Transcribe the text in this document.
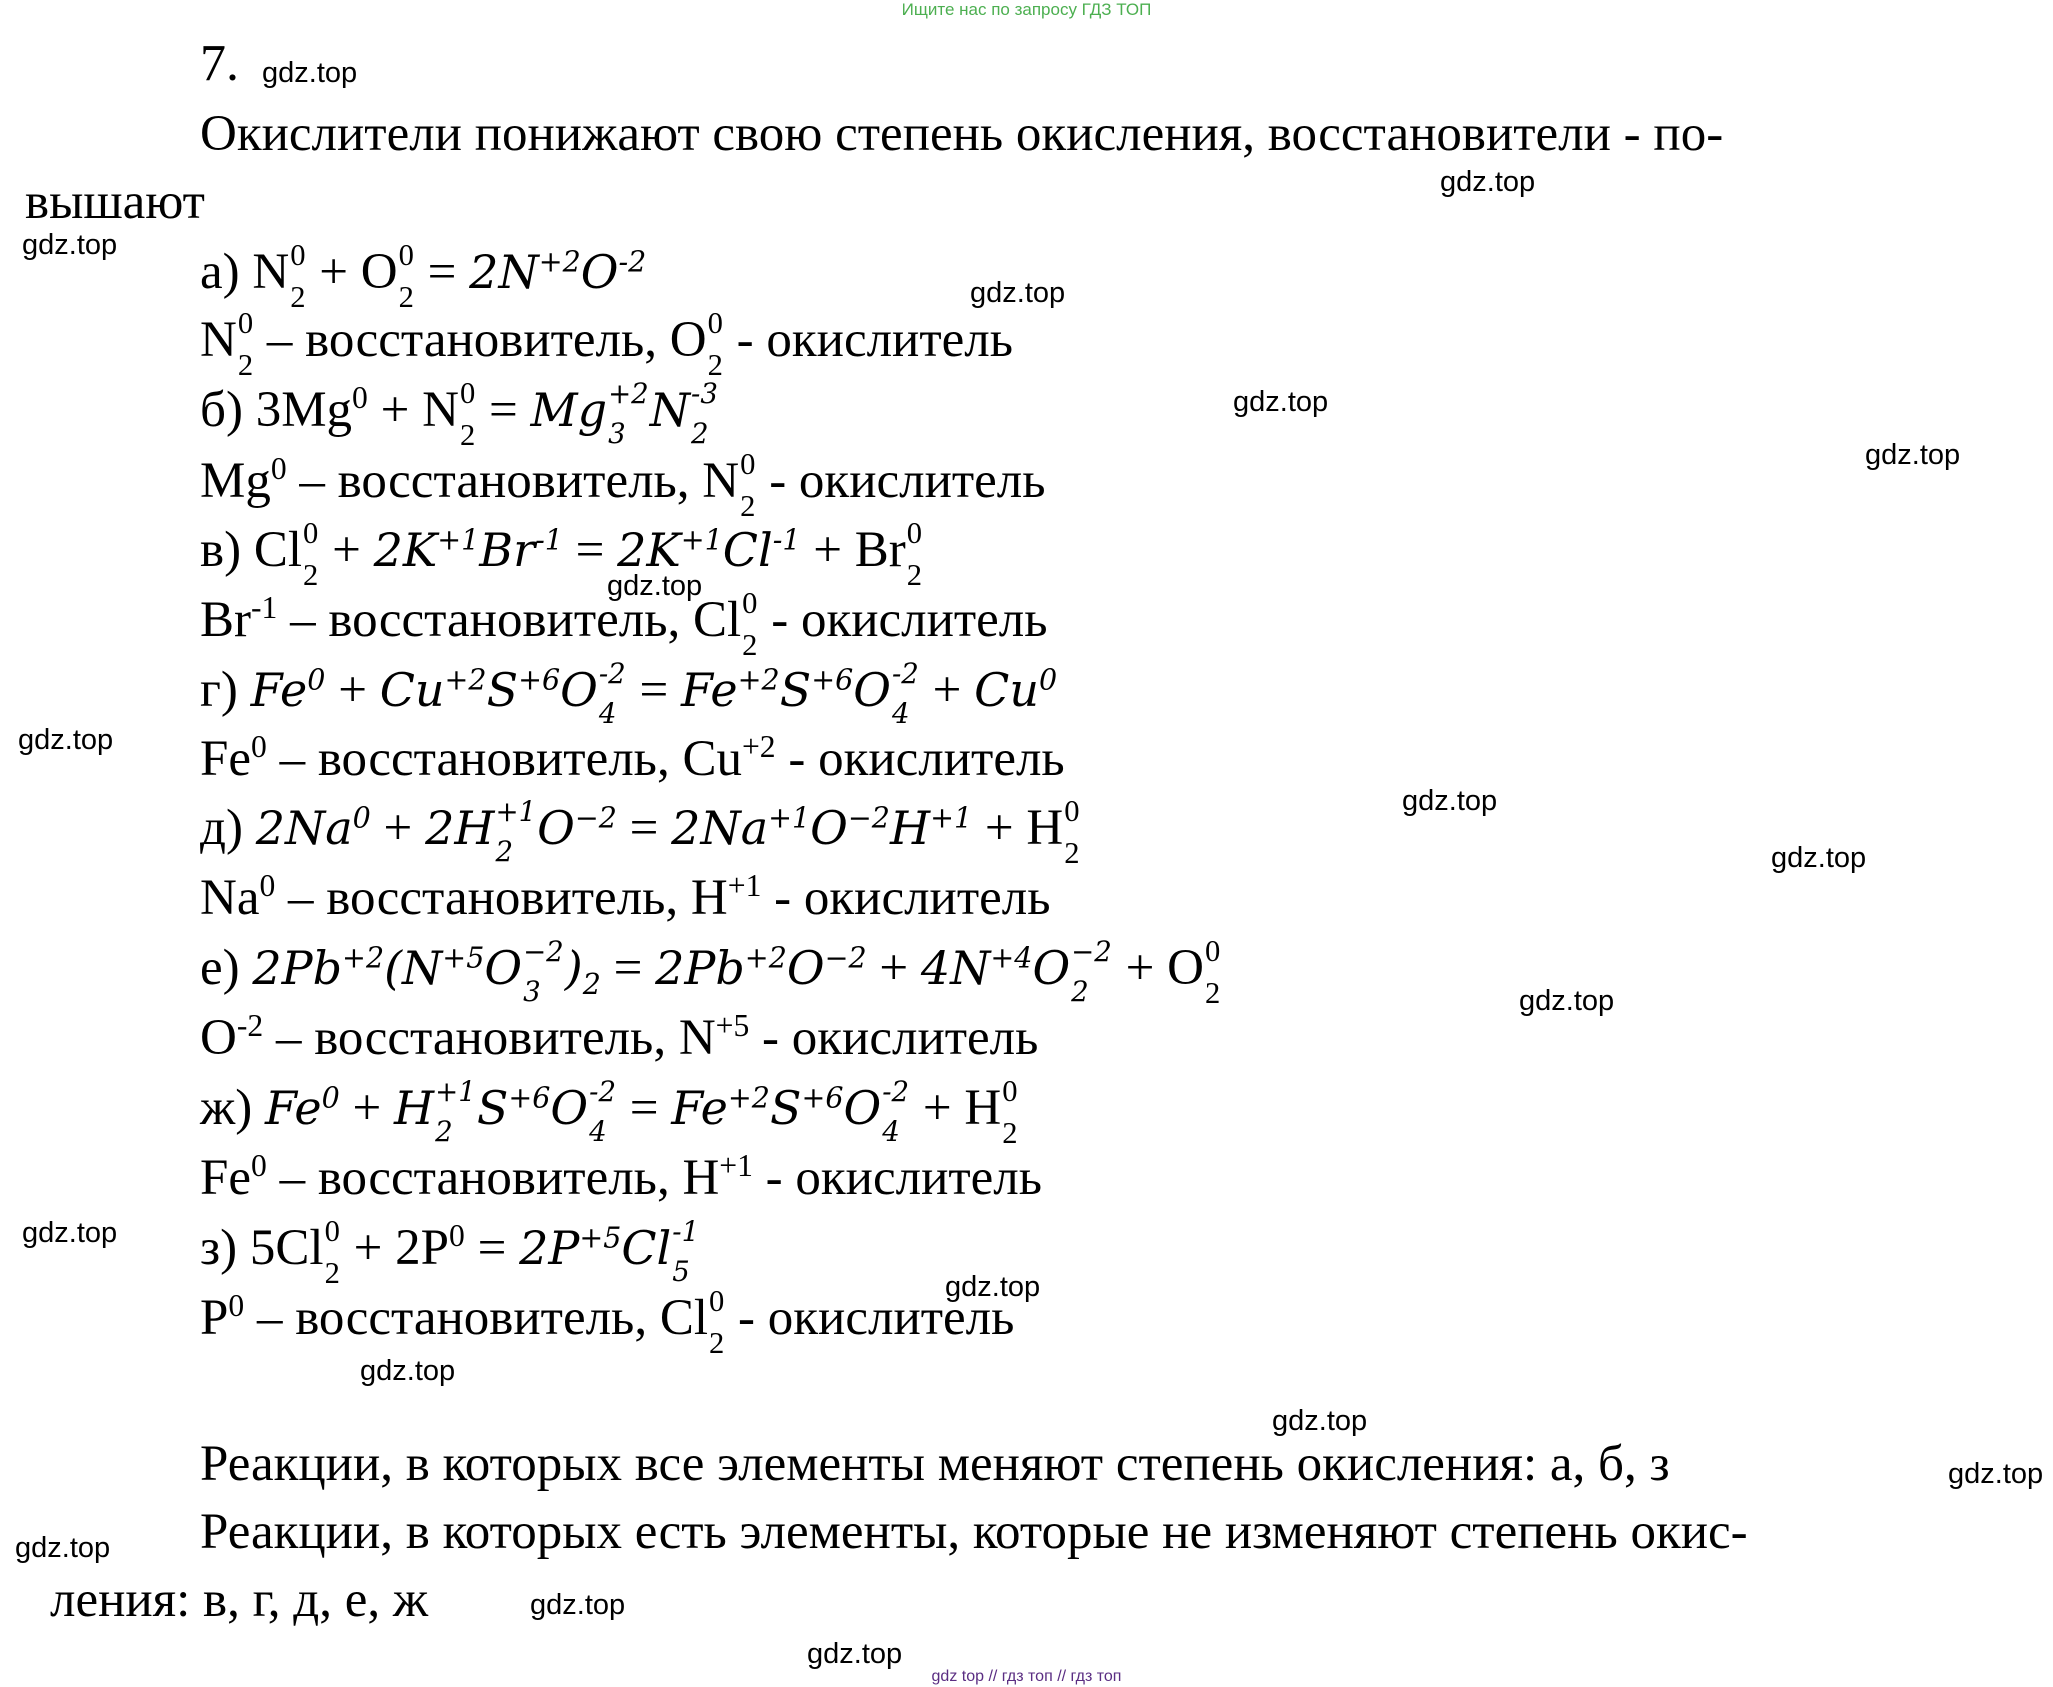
Ищите нас по запросу ГДЗ ТОП
7.
Окислители понижают свою степень окисления, восстановители - по-
вышают
а) N 0
2 + O 0
$2 = 2N^{+2}O^{-2}$
N 0
2 – восстановитель, O 0
2 - окислитель
б) $3Mg^0 + N$ 0
2 = Mg +2
3 N -3
2
Mg$^0$ – восстановитель, N 0
2 - окислитель
в) Cl 0
$2 + 2K^{+1}Br^{-1} = 2K^{+1}Cl^{-1} + Br$ 0
2
$Br^{-1}$ – восстановитель, Cl 0
2 - окислитель
г) $Fe^0 + Cu^{+2}S^{+6}O$ -2
$4 = Fe^{+2}S^{+6}O$ -2
$4 + Cu^0$
Fe$^0$ – восстановитель, $Cu^{+2}$ - окислитель
д) $2Na^0 + 2H +1$
2 $O^{-2} = 2Na^{+1}O^{-2}H^{+1} + H$ 0
2
Na$^0$ – восстановитель, $H^{+1}$ - окислитель
е) $2Pb^{+2}(N^{+5}O -2$
3 )$_2 = 2Pb^{+2}O^{-2} + 4N^{+4}O -2$
2 + O 0
2
$O^{-2}$ – восстановитель, $N^{+5}$ - окислитель
ж) $Fe^0 + H +1$
2 $S^{+6}O$ -2
$4 = Fe^{+2}S^{+6}O$ -2
4 + H 0
2
Fe$^0$ – восстановитель, $H^{+1}$ - окислитель
з) 5Cl 0
$2 + 2P^0 = 2P^{+5}Cl$ -1
5
$P^0$ – восстановитель, Cl 0
2 - окислитель
Реакции, в которых все элементы меняют степень окисления: а, б, з
Реакции, в которых есть элементы, которые не изменяют степень окис-
ления: в, г, д, е, ж
gdz.top
gdz.top
gdz.top
gdz.top
gdz.top
gdz.top
gdz.top
gdz.top
gdz.top
gdz.top
gdz.top
gdz.top
gdz.top
gdz.top
gdz.top
gdz.top
gdz.top
gdz.top
gdz.top
gdz top // гдз топ // гдз топ
